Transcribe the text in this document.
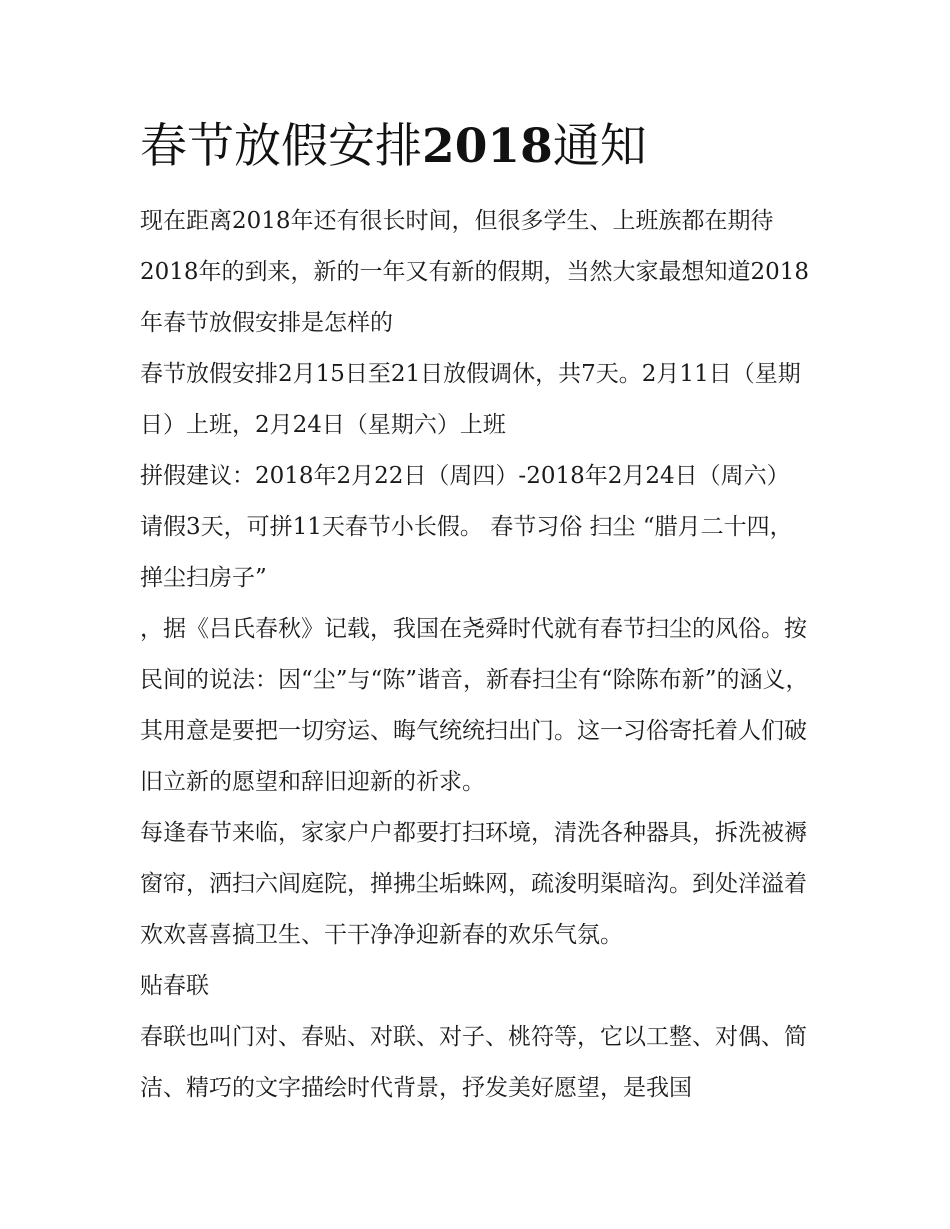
春节放假安排2018通知

现在距离2018年还有很长时间，但很多学生、上班族都在期待2018年的到来，新的一年又有新的假期，当然大家最想知道2018年春节放假安排是怎样的

春节放假安排2月15日至21日放假调休，共7天。2月11日（星期日）上班，2月24日（星期六）上班

拼假建议：2018年2月22日（周四）-2018年2月24日（周六）请假3天，可拼11天春节小长假。 春节习俗 扫尘 “腊月二十四，掸尘扫房子”

，据《吕氏春秋》记载，我国在尧舜时代就有春节扫尘的风俗。按民间的说法：因“尘”与“陈”谐音，新春扫尘有“除陈布新”的涵义，其用意是要把一切穷运、晦气统统扫出门。这一习俗寄托着人们破旧立新的愿望和辞旧迎新的祈求。

每逢春节来临，家家户户都要打扫环境，清洗各种器具，拆洗被褥窗帘，洒扫六闾庭院，掸拂尘垢蛛网，疏浚明渠暗沟。到处洋溢着欢欢喜喜搞卫生、干干净净迎新春的欢乐气氛。

贴春联

春联也叫门对、春贴、对联、对子、桃符等，它以工整、对偶、简洁、精巧的文字描绘时代背景，抒发美好愿望，是我国
